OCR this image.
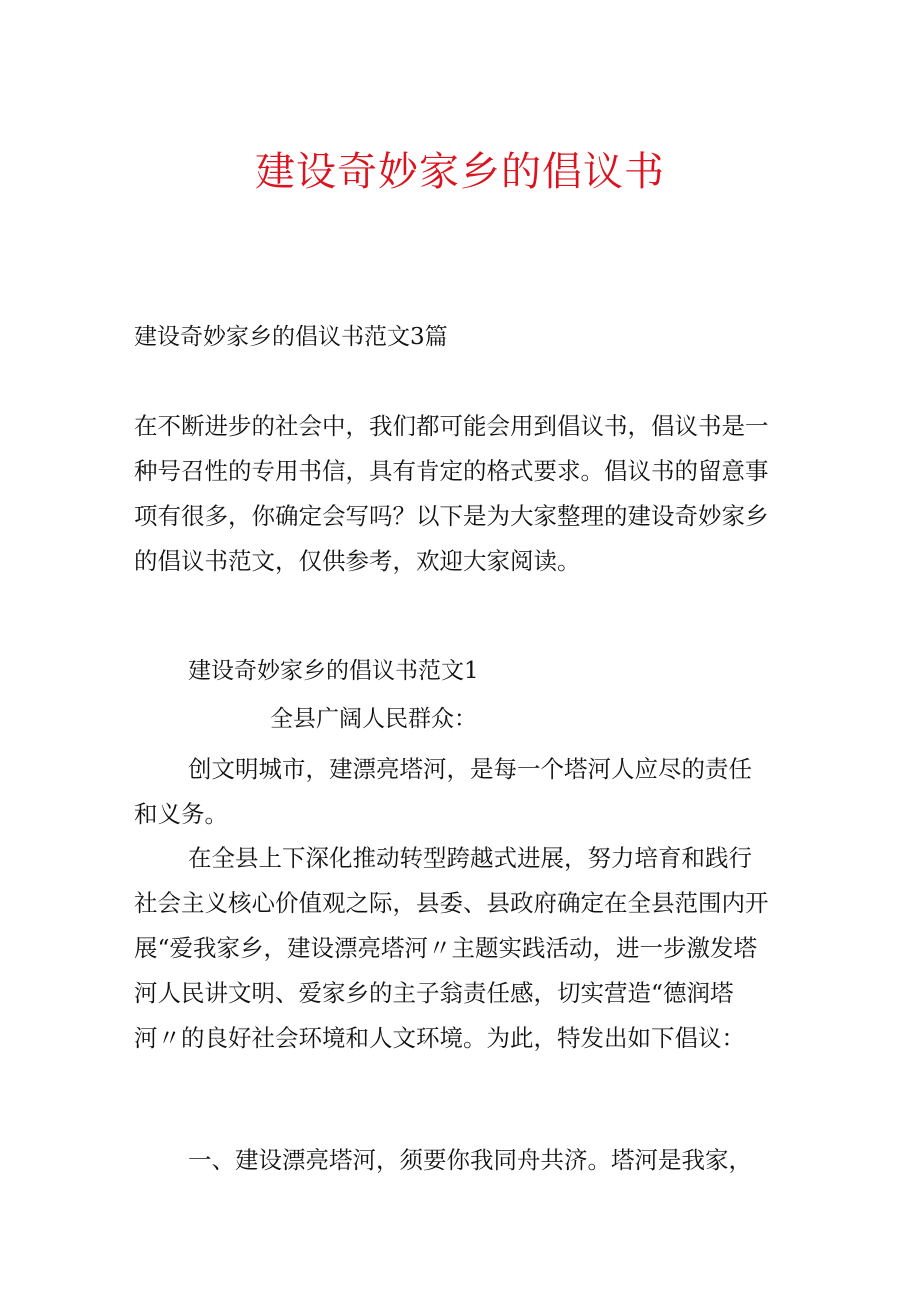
建设奇妙家乡的倡议书
建设奇妙家乡的倡议书范文3篇
在不断进步的社会中，我们都可能会用到倡议书，倡议书是一
种号召性的专用书信，具有肯定的格式要求。倡议书的留意事
项有很多，你确定会写吗？以下是为大家整理的建设奇妙家乡
的倡议书范文，仅供参考，欢迎大家阅读。
建设奇妙家乡的倡议书范文1
全县广阔人民群众：
创文明城市，建漂亮塔河，是每一个塔河人应尽的责任
和义务。
在全县上下深化推动转型跨越式进展，努力培育和践行
社会主义核心价值观之际，县委、县政府确定在全县范围内开
展“爱我家乡，建设漂亮塔河〃主题实践活动，进一步激发塔
河人民讲文明、爱家乡的主子翁责任感，切实营造“德润塔
河〃的良好社会环境和人文环境。为此，特发出如下倡议：
一、建设漂亮塔河，须要你我同舟共济。塔河是我家，
